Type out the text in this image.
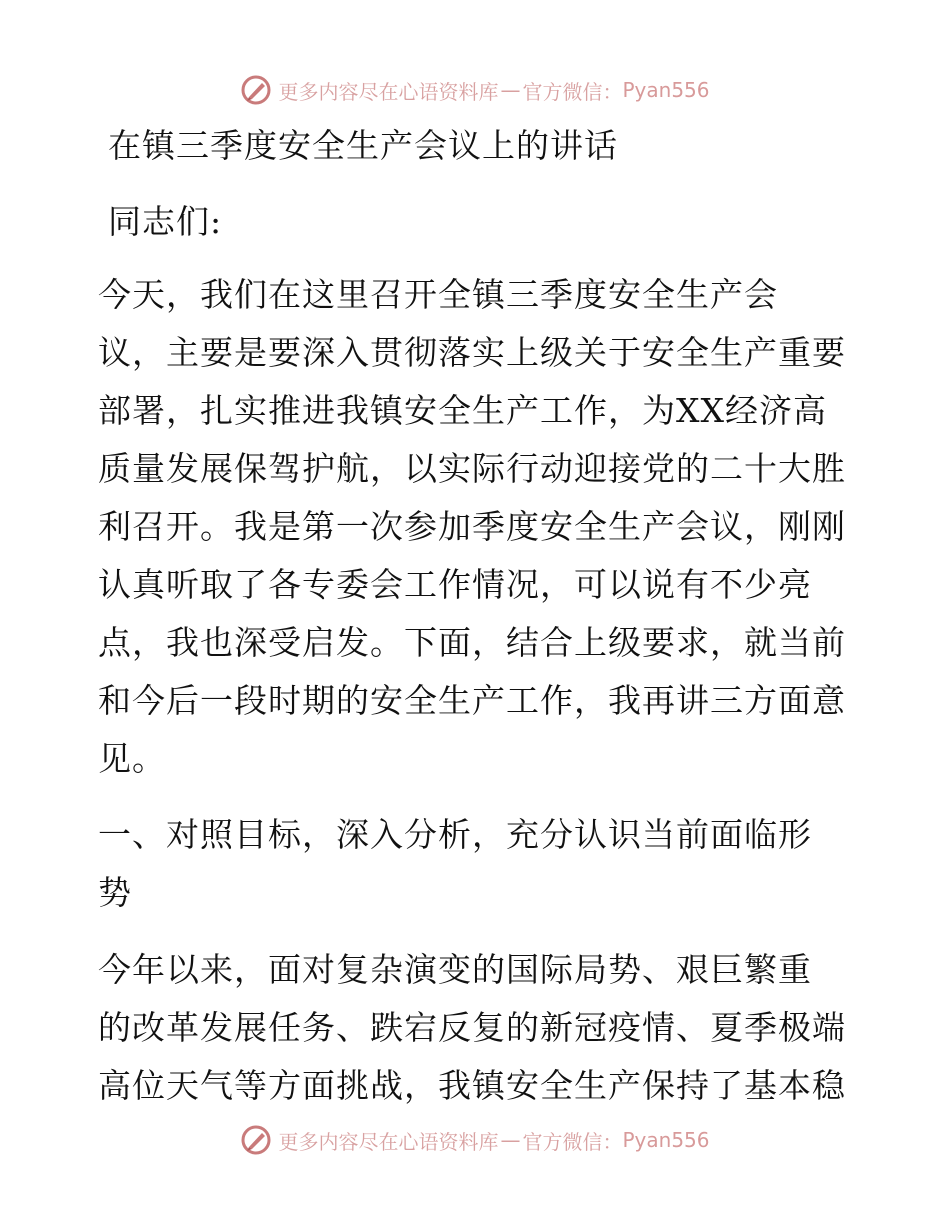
更多内容尽在心语资料库 — 官方微信： Pyan556
在镇三季度安全生产会议上的讲话
同志们:
今天，我们在这里召开全镇三季度安全生产会
议，主要是要深入贯彻落实上级关于安全生产重要
部署，扎实推进我镇安全生产工作，为XX经济高
质量发展保驾护航，以实际行动迎接党的二十大胜
利召开。我是第一次参加季度安全生产会议，刚刚
认真听取了各专委会工作情况，可以说有不少亮
点，我也深受启发。下面，结合上级要求，就当前
和今后一段时期的安全生产工作，我再讲三方面意
见。
一、对照目标，深入分析，充分认识当前面临形
势
今年以来，面对复杂演变的国际局势、艰巨繁重
的改革发展任务、跌宕反复的新冠疫情、夏季极端
高位天气等方面挑战，我镇安全生产保持了基本稳
更多内容尽在心语资料库 — 官方微信： Pyan556
